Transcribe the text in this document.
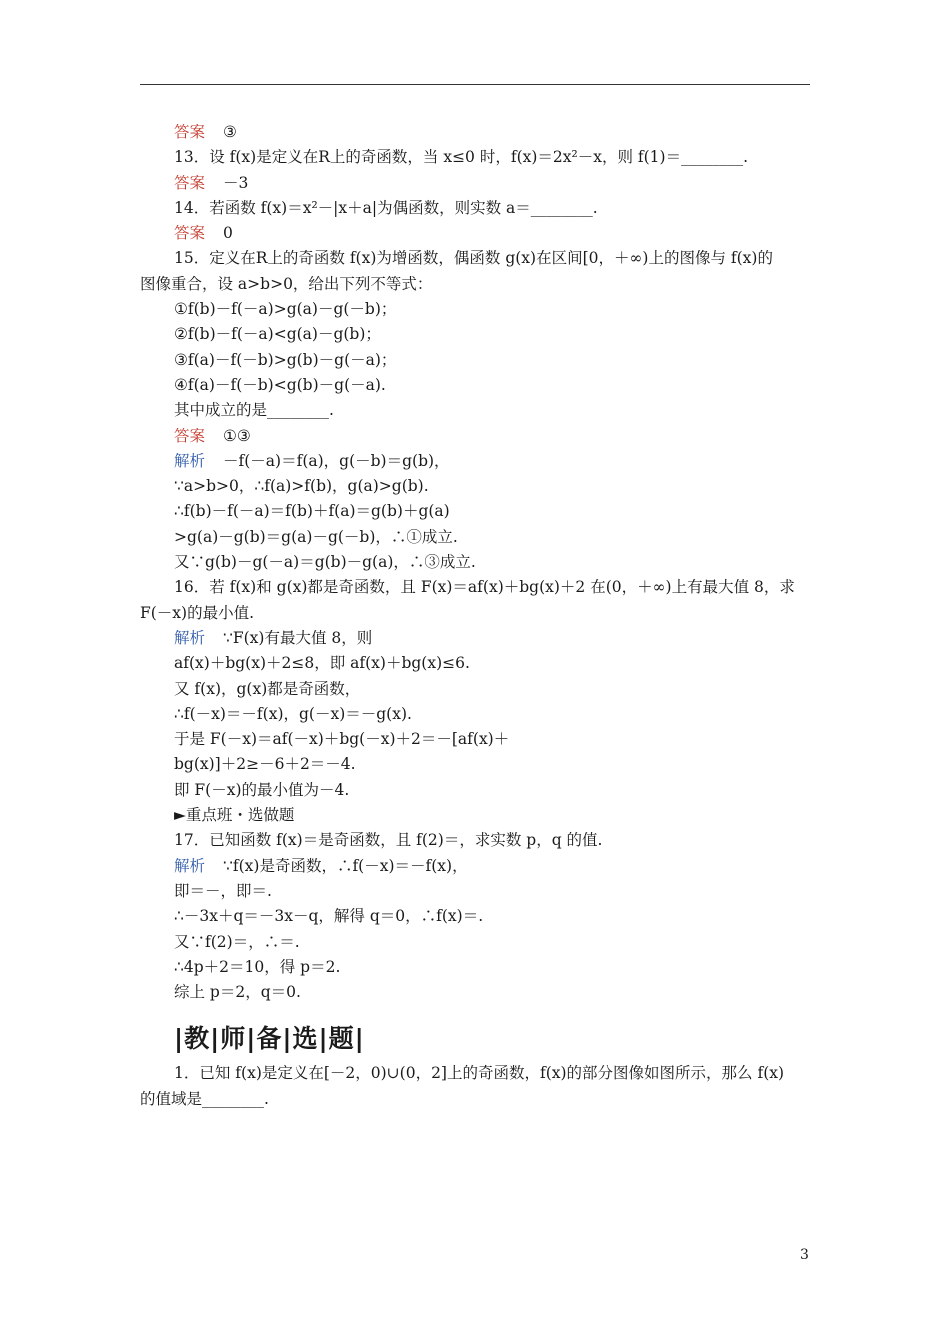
答案 ③
13．设 f(x)是定义在R上的奇函数，当 x≤0 时，f(x)＝2x²－x，则 f(1)＝________.
答案 －3
14．若函数 f(x)＝x²－|x＋a|为偶函数，则实数 a＝________.
答案 0
15．定义在R上的奇函数 f(x)为增函数，偶函数 g(x)在区间[0，＋∞)上的图像与 f(x)的
图像重合，设 a>b>0，给出下列不等式：
①f(b)－f(－a)>g(a)－g(－b)；
②f(b)－f(－a)<g(a)－g(b)；
③f(a)－f(－b)>g(b)－g(－a)；
④f(a)－f(－b)<g(b)－g(－a).
其中成立的是________.
答案 ①③
解析 －f(－a)＝f(a)，g(－b)＝g(b)，
∵a>b>0，∴f(a)>f(b)，g(a)>g(b).
∴f(b)－f(－a)＝f(b)＋f(a)＝g(b)＋g(a)
>g(a)－g(b)＝g(a)－g(－b)，∴①成立.
又∵g(b)－g(－a)＝g(b)－g(a)，∴③成立.
16．若 f(x)和 g(x)都是奇函数，且 F(x)＝af(x)＋bg(x)＋2 在(0，＋∞)上有最大值 8，求
F(－x)的最小值.
解析 ∵F(x)有最大值 8，则
af(x)＋bg(x)＋2≤8，即 af(x)＋bg(x)≤6.
又 f(x)，g(x)都是奇函数，
∴f(－x)＝－f(x)，g(－x)＝－g(x).
于是 F(－x)＝af(－x)＋bg(－x)＋2＝－[af(x)＋
bg(x)]＋2≥－6＋2＝－4.
即 F(－x)的最小值为－4.
►重点班・选做题
17．已知函数 f(x)＝是奇函数，且 f(2)＝，求实数 p，q 的值.
解析 ∵f(x)是奇函数，∴f(－x)＝－f(x)，
即＝－，即＝.
∴－3x＋q＝－3x－q，解得 q＝0，∴f(x)＝.
又∵f(2)＝，∴＝.
∴4p＋2＝10，得 p＝2.
综上 p＝2，q＝0.
|教|师|备|选|题|
1．已知 f(x)是定义在[－2，0)∪(0，2]上的奇函数，f(x)的部分图像如图所示，那么 f(x)
的值域是________.
3
